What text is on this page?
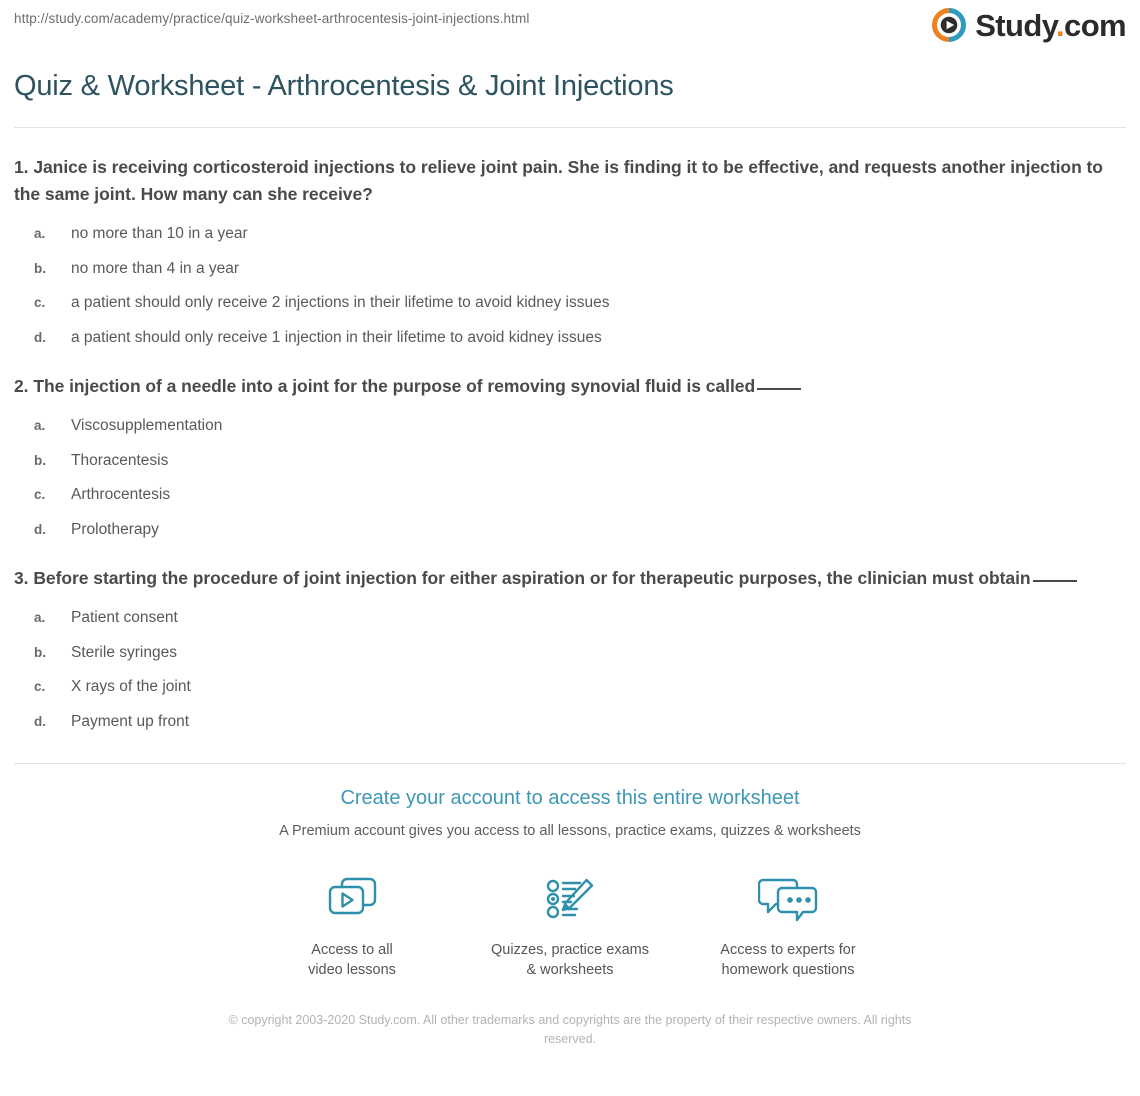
http://study.com/academy/practice/quiz-worksheet-arthrocentesis-joint-injections.html	Study.com
Quiz & Worksheet - Arthrocentesis & Joint Injections
1. Janice is receiving corticosteroid injections to relieve joint pain. She is finding it to be effective, and requests another injection to the same joint. How many can she receive?
a.	no more than 10 in a year
b.	no more than 4 in a year
c.	a patient should only receive 2 injections in their lifetime to avoid kidney issues
d.	a patient should only receive 1 injection in their lifetime to avoid kidney issues
2. The injection of a needle into a joint for the purpose of removing synovial fluid is called
a.	Viscosupplementation
b.	Thoracentesis
c.	Arthrocentesis
d.	Prolotherapy
3. Before starting the procedure of joint injection for either aspiration or for therapeutic purposes, the clinician must obtain
a.	Patient consent
b.	Sterile syringes
c.	X rays of the joint
d.	Payment up front
Create your account to access this entire worksheet
A Premium account gives you access to all lessons, practice exams, quizzes & worksheets
Access to all
video lessons
Quizzes, practice exams
& worksheets
Access to experts for
homework questions
© copyright 2003-2020 Study.com. All other trademarks and copyrights are the property of their respective owners. All rights reserved.
